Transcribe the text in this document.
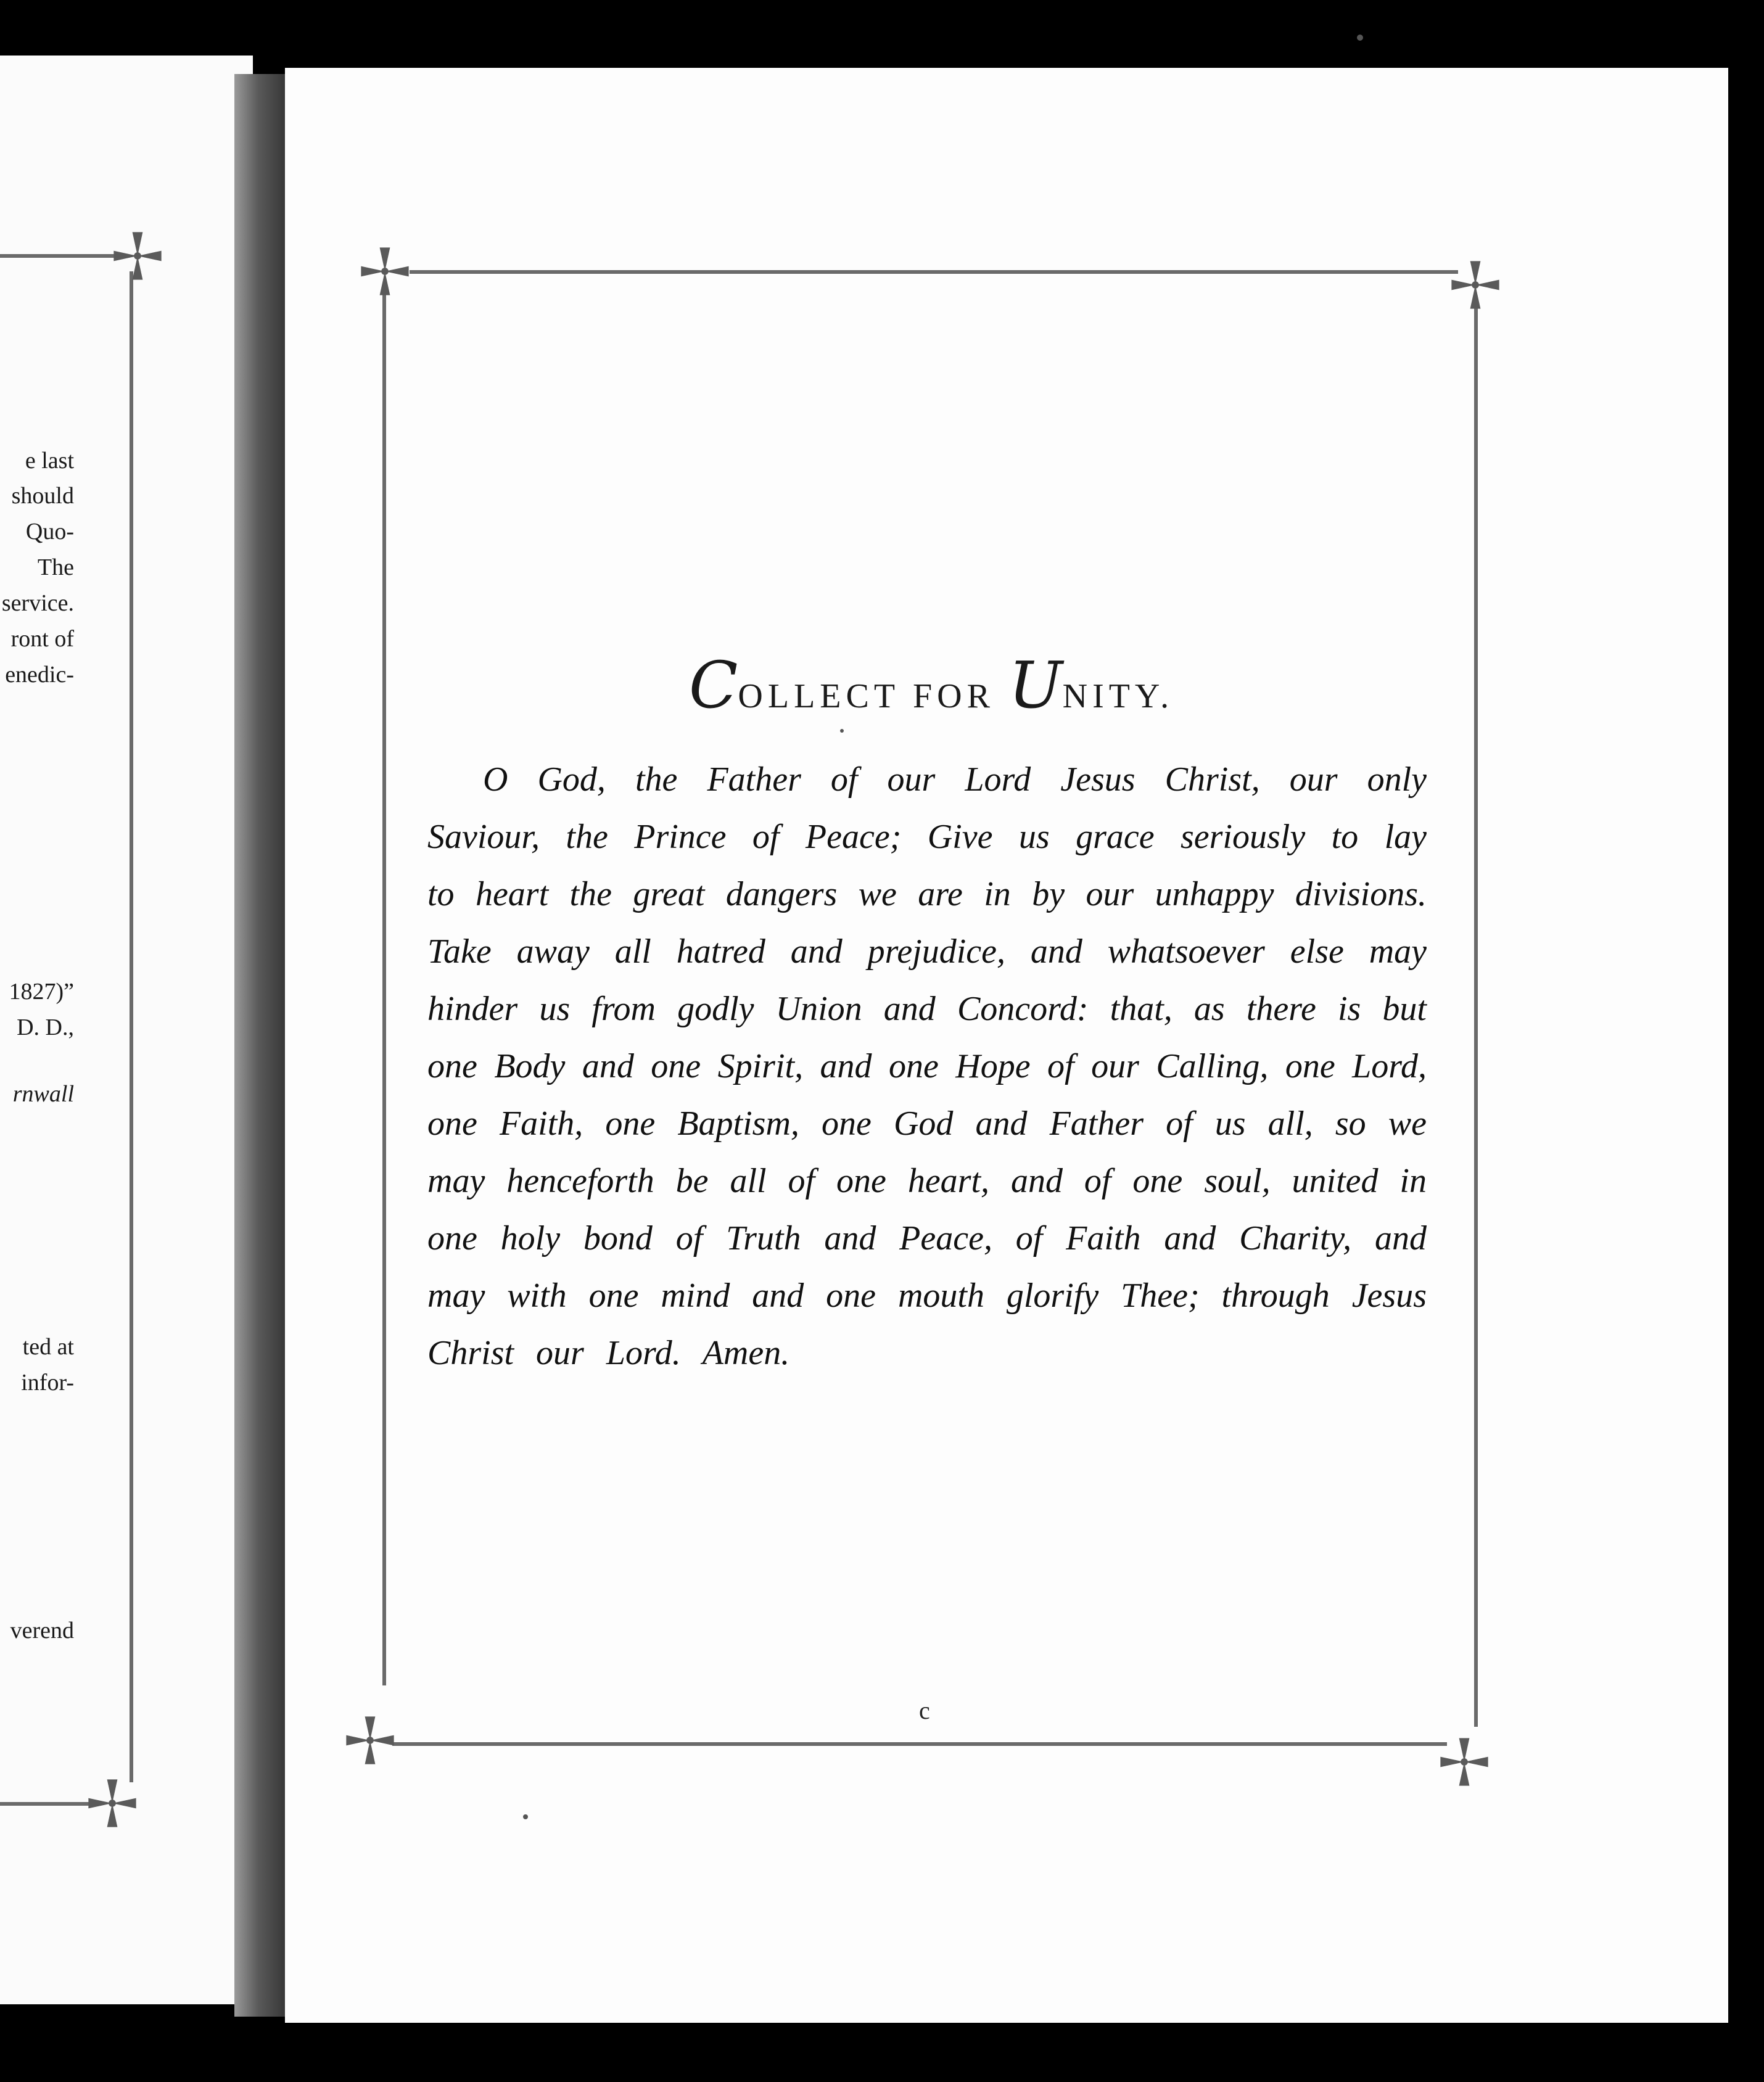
e last
should
Quo-
The
service.
ront of
enedic-
1827)”
D. D.,
rnwall
ted at
infor-
verend
COLLECT FOR UNITY.
O God, the Father of our Lord Jesus Christ, our only
Saviour, the Prince of Peace; Give us grace seriously to lay
to heart the great dangers we are in by our unhappy divisions.
Take away all hatred and prejudice, and whatsoever else may
hinder us from godly Union and Concord: that, as there is but
one Body and one Spirit, and one Hope of our Calling, one Lord,
one Faith, one Baptism, one God and Father of us all, so we
may henceforth be all of one heart, and of one soul, united in
one holy bond of Truth and Peace, of Faith and Charity, and
may with one mind and one mouth glorify Thee; through Jesus
Christ our Lord. Amen.
c
